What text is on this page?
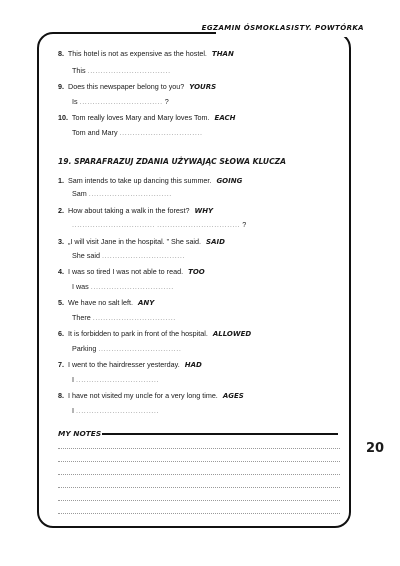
EGZAMIN ÓSMOKLASISTY. POWTÓRKA
8. This hotel is not as expensive as the hostel. THAN
This ................................
9. Does this newspaper belong to you? YOURS
Is ................................ ?
10. Tom really loves Mary and Mary loves Tom. EACH
Tom and Mary ................................
19. SPARAFRAZUJ ZDANIA UŻYWAJĄC SŁOWA KLUCZA
1. Sam intends to take up dancing this summer. GOING
Sam ................................
2. How about taking a walk in the forest? WHY
................................ ................................ ?
3. „I will visit Jane in the hospital. ” She said. SAID
She said ................................
4. I was so tired I was not able to read. TOO
I was ................................
5. We have no salt left. ANY
There ................................
6. It is forbidden to park in front of the hospital. ALLOWED
Parking ................................
7. I went to the hairdresser yesterday. HAD
I ................................
8. I have not visited my uncle for a very long time. AGES
I ................................
MY NOTES
20
